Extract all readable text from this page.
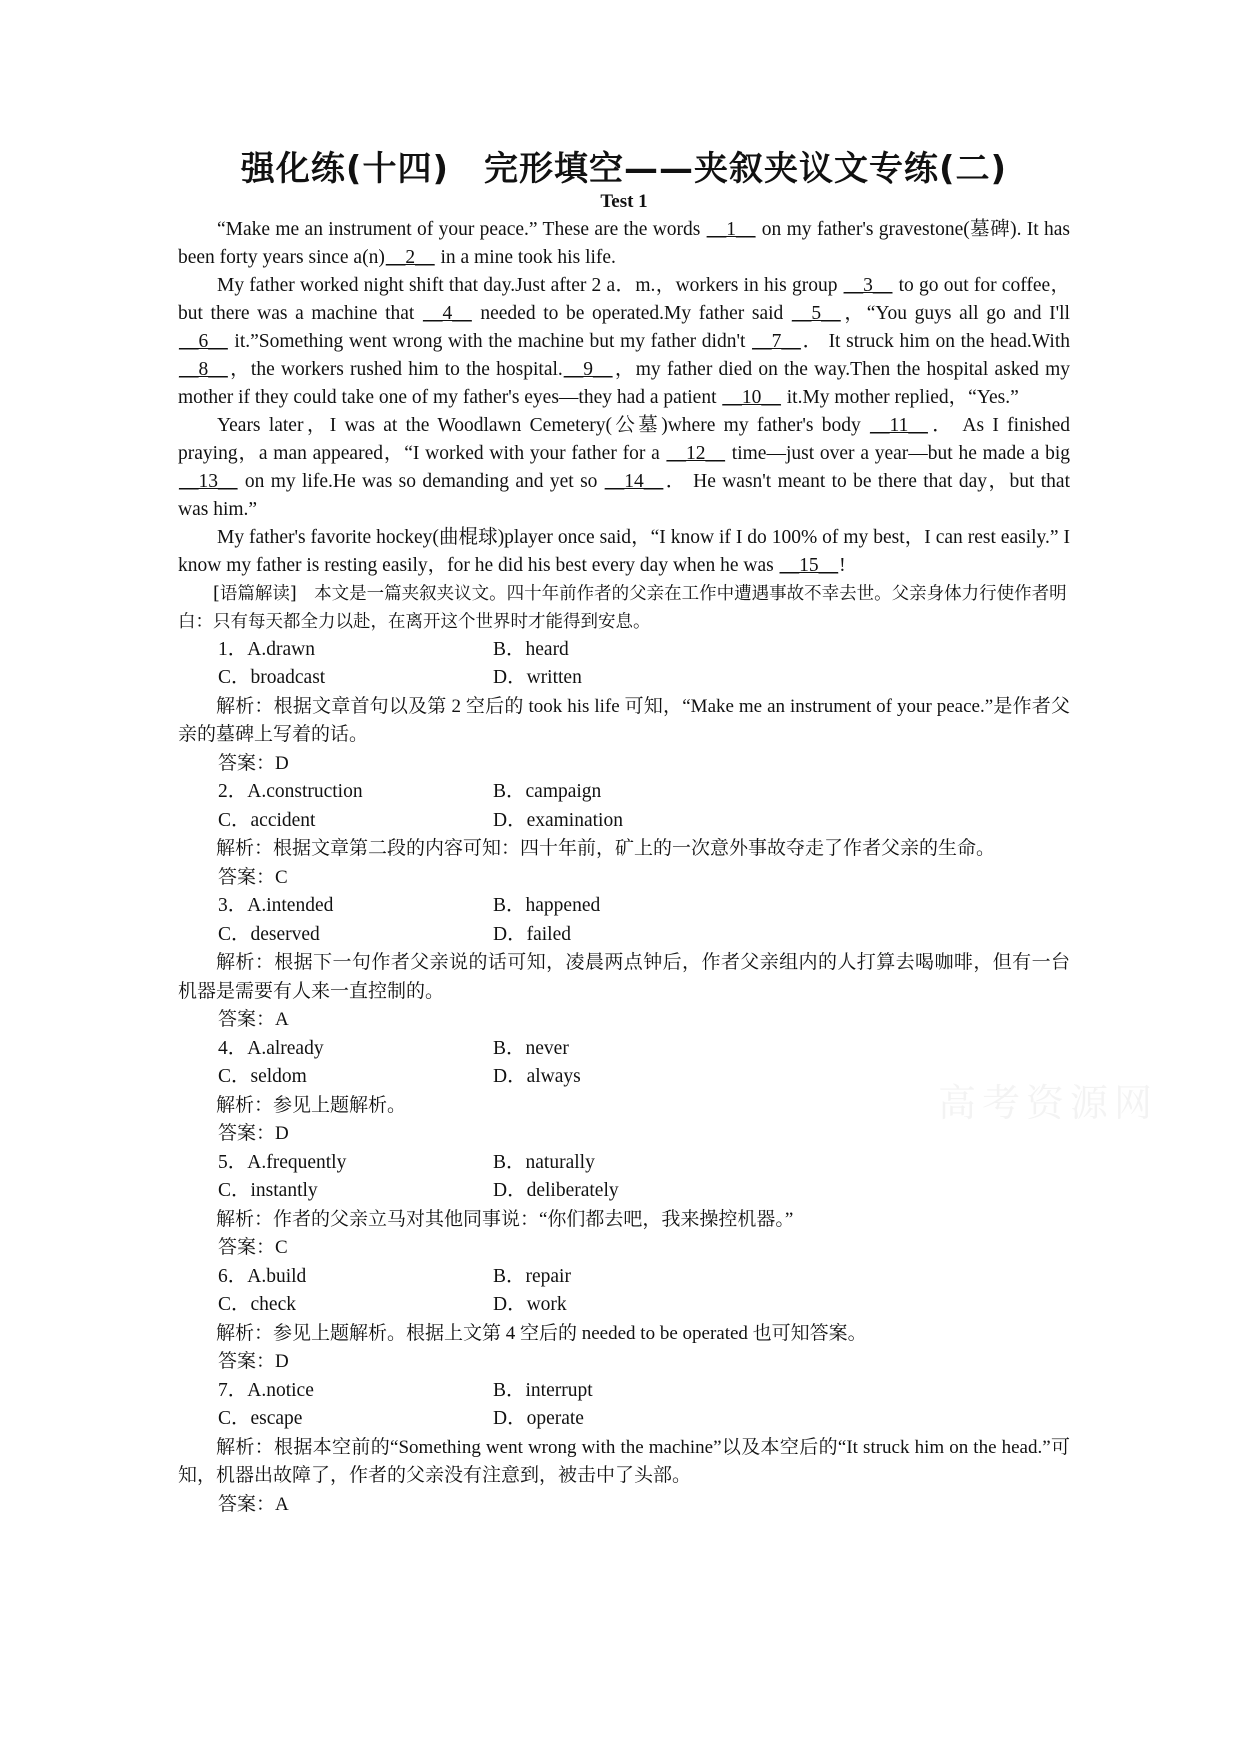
高考资源网
强化练(十四)　完形填空——夹叙夹议文专练(二)
Test 1

“Make me an instrument of your peace.” These are the words __1__ on my father's gravestone(墓碑). It has been forty years since a(n)__2__ in a mine took his life.

My father worked night shift that day.Just after 2 a．m.，workers in his group __3__ to go out for coffee，but there was a machine that __4__ needed to be operated.My father said __5__，“You guys all go and I'll __6__ it.”Something went wrong with the machine but my father didn't __7__． It struck him on the head.With __8__，the workers rushed him to the hospital.__9__，my father died on the way.Then the hospital asked my mother if they could take one of my father's eyes—they had a patient __10__ it.My mother replied，“Yes.”

Years later，I was at the Woodlawn Cemetery(公墓)where my father's body __11__． As I finished praying，a man appeared，“I worked with your father for a __12__ time—just over a year—but he made a big __13__ on my life.He was so demanding and yet so __14__． He wasn't meant to be there that day，but that was him.”

My father's favorite hockey(曲棍球)player once said，“I know if I do 100% of my best，I can rest easily.” I know my father is resting easily，for he did his best every day when he was __15__!

[语篇解读]　本文是一篇夹叙夹议文。四十年前作者的父亲在工作中遭遇事故不幸去世。父亲身体力行使作者明白：只有每天都全力以赴，在离开这个世界时才能得到安息。

1．A.drawn	B．heard
C．broadcast	D．written

解析：根据文章首句以及第 2 空后的 took his life 可知，“Make me an instrument of your peace.”是作者父亲的墓碑上写着的话。

答案：D

2．A.construction	B．campaign
C．accident	D．examination

解析：根据文章第二段的内容可知：四十年前，矿上的一次意外事故夺走了作者父亲的生命。

答案：C

3．A.intended	B．happened
C．deserved	D．failed

解析：根据下一句作者父亲说的话可知，凌晨两点钟后，作者父亲组内的人打算去喝咖啡，但有一台机器是需要有人来一直控制的。

答案：A

4．A.already	B．never
C．seldom	D．always

解析：参见上题解析。

答案：D

5．A.frequently	B．naturally
C．instantly	D．deliberately

解析：作者的父亲立马对其他同事说：“你们都去吧，我来操控机器。”

答案：C

6．A.build	B．repair
C．check	D．work

解析：参见上题解析。根据上文第 4 空后的 needed to be operated 也可知答案。

答案：D

7．A.notice	B．interrupt
C．escape	D．operate

解析：根据本空前的“Something went wrong with the machine”以及本空后的“It struck him on the head.”可知，机器出故障了，作者的父亲没有注意到，被击中了头部。

答案：A
